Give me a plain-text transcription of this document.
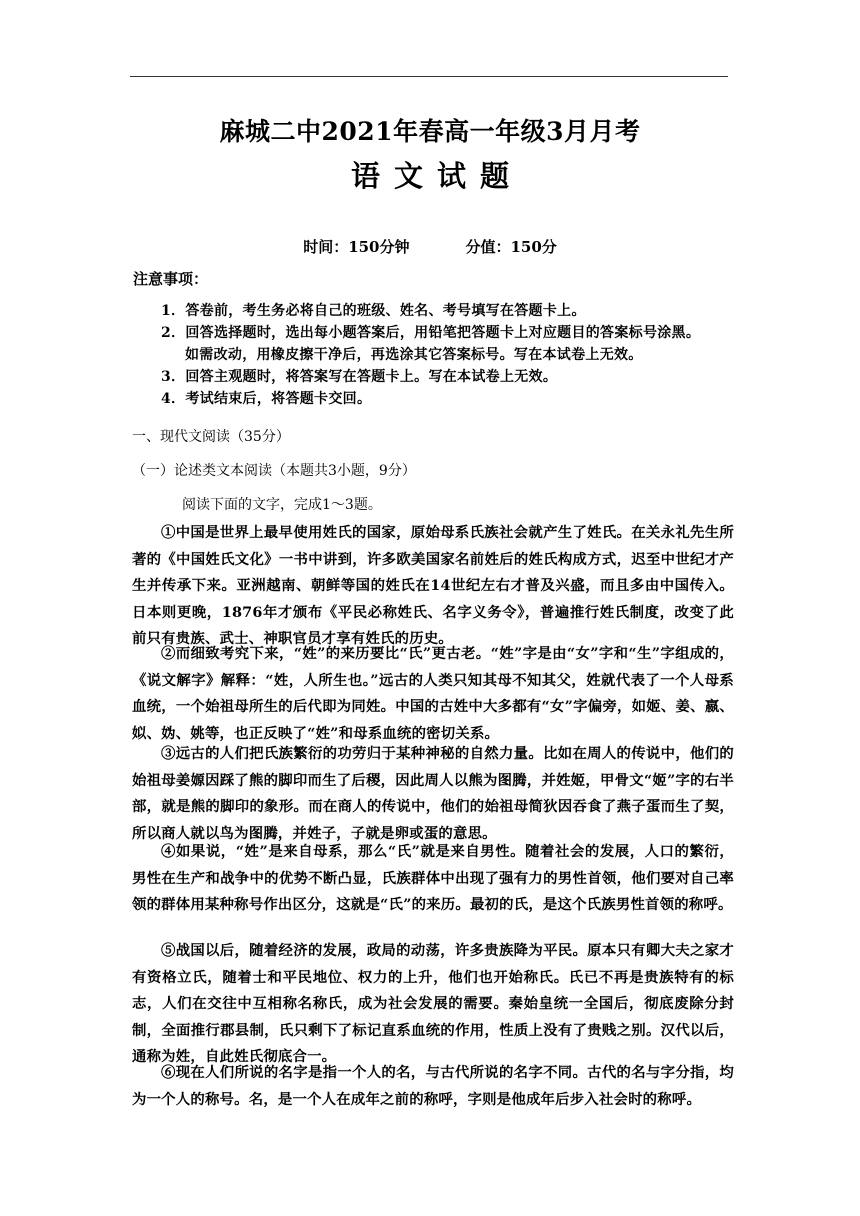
麻城二中2021年春高一年级3月月考
语文试题
时间：150分钟	分值：150分
注意事项：
1．答卷前，考生务必将自己的班级、姓名、考号填写在答题卡上。
2．回答选择题时，选出每小题答案后，用铅笔把答题卡上对应题目的答案标号涂黑。
如需改动，用橡皮擦干净后，再选涂其它答案标号。写在本试卷上无效。
3．回答主观题时，将答案写在答题卡上。写在本试卷上无效。
4．考试结束后，将答题卡交回。
一、现代文阅读（35分）
（一）论述类文本阅读（本题共3小题，9分）
阅读下面的文字，完成1～3题。
①中国是世界上最早使用姓氏的国家，原始母系氏族社会就产生了姓氏。在关永礼先生所著的《中国姓氏文化》一书中讲到，许多欧美国家名前姓后的姓氏构成方式，迟至中世纪才产生并传承下来。亚洲越南、朝鲜等国的姓氏在14世纪左右才普及兴盛，而且多由中国传入。日本则更晚，1876年才颁布《平民必称姓氏、名字义务令》，普遍推行姓氏制度，改变了此前只有贵族、武士、神职官员才享有姓氏的历史。
②而细致考究下来，“姓”的来历要比“氏”更古老。“姓”字是由“女”字和“生”字组成的，《说文解字》解释：“姓，人所生也。”远古的人类只知其母不知其父，姓就代表了一个人母系血统，一个始祖母所生的后代即为同姓。中国的古姓中大多都有“女”字偏旁，如姬、姜、嬴、姒、妫、姚等，也正反映了“姓”和母系血统的密切关系。
③远古的人们把氏族繁衍的功劳归于某种神秘的自然力量。比如在周人的传说中，他们的始祖母姜嫄因踩了熊的脚印而生了后稷，因此周人以熊为图腾，并姓姬，甲骨文“姬”字的右半部，就是熊的脚印的象形。而在商人的传说中，他们的始祖母简狄因吞食了燕子蛋而生了契，所以商人就以鸟为图腾，并姓子，子就是卵或蛋的意思。
④如果说，“姓”是来自母系，那么“氏”就是来自男性。随着社会的发展，人口的繁衍，男性在生产和战争中的优势不断凸显，氏族群体中出现了强有力的男性首领，他们要对自己率领的群体用某种称号作出区分，这就是“氏”的来历。最初的氏，是这个氏族男性首领的称呼。
⑤战国以后，随着经济的发展，政局的动荡，许多贵族降为平民。原本只有卿大夫之家才有资格立氏，随着士和平民地位、权力的上升，他们也开始称氏。氏已不再是贵族特有的标志，人们在交往中互相称名称氏，成为社会发展的需要。秦始皇统一全国后，彻底废除分封制，全面推行郡县制，氏只剩下了标记直系血统的作用，性质上没有了贵贱之别。汉代以后，通称为姓，自此姓氏彻底合一。
⑥现在人们所说的名字是指一个人的名，与古代所说的名字不同。古代的名与字分指，均为一个人的称号。名，是一个人在成年之前的称呼，字则是他成年后步入社会时的称呼。
